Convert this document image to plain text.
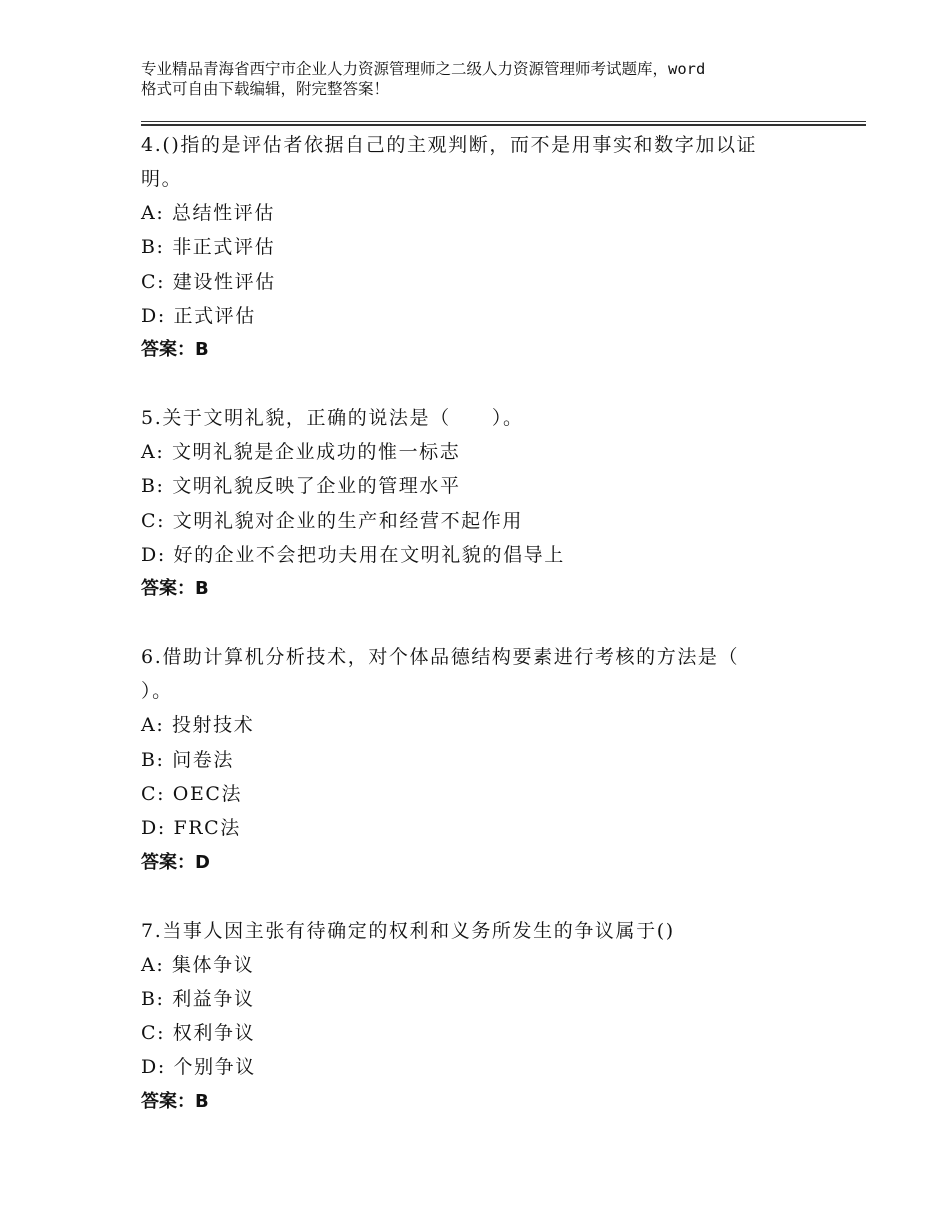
专业精品青海省西宁市企业人力资源管理师之二级人力资源管理师考试题库，word
格式可自由下载编辑，附完整答案！

4.()指的是评估者依据自己的主观判断，而不是用事实和数字加以证

明。

A: 总结性评估

B: 非正式评估

C: 建设性评估

D: 正式评估

答案：B

5.关于文明礼貌，正确的说法是（　　）。

A: 文明礼貌是企业成功的惟一标志

B: 文明礼貌反映了企业的管理水平

C: 文明礼貌对企业的生产和经营不起作用

D: 好的企业不会把功夫用在文明礼貌的倡导上

答案：B

6.借助计算机分析技术，对个体品德结构要素进行考核的方法是（

）。

A: 投射技术

B: 问卷法

C: OEC法

D: FRC法

答案：D

7.当事人因主张有待确定的权利和义务所发生的争议属于()

A: 集体争议

B: 利益争议

C: 权利争议

D: 个别争议

答案：B
